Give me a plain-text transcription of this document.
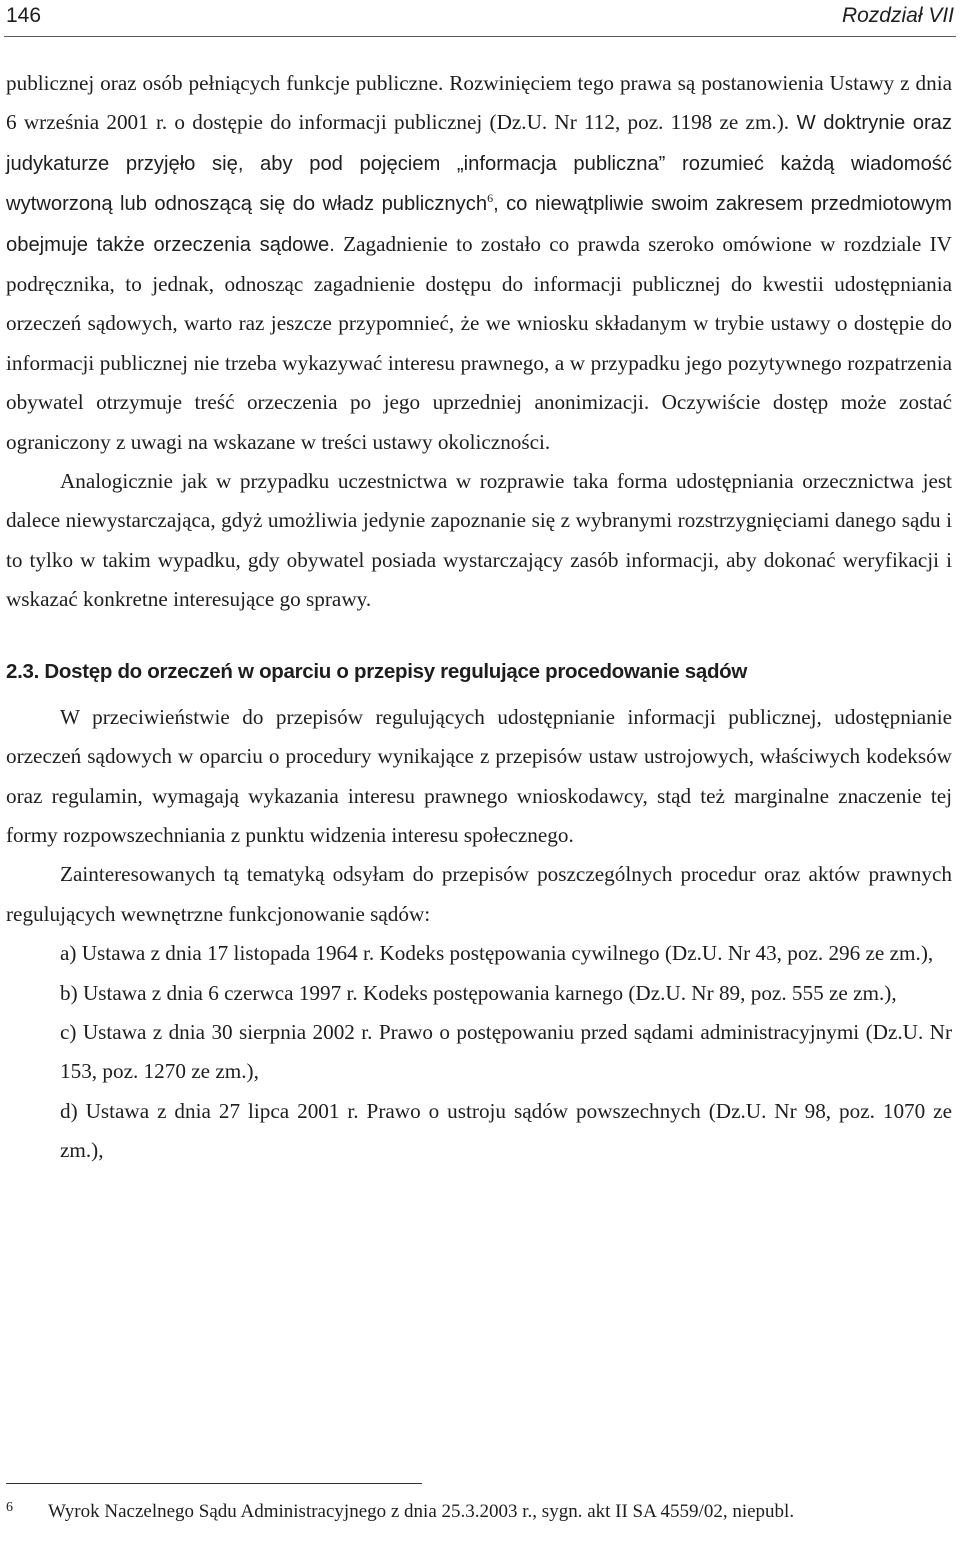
146	Rozdział VII

publicznej oraz osób pełniących funkcje publiczne. Rozwinięciem tego prawa są postanowienia Ustawy z dnia 6 września 2001 r. o dostępie do informacji publicznej (Dz.U. Nr 112, poz. 1198 ze zm.). W doktrynie oraz judykaturze przyjęło się, aby pod pojęciem „informacja publiczna” rozumieć każdą wiadomość wytworzoną lub odnoszącą się do władz publicznych$^6$, co niewątpliwie swoim zakresem przedmiotowym obejmuje także orzeczenia sądowe. Zagadnienie to zostało co prawda szeroko omówione w rozdziale IV podręcznika, to jednak, odnosząc zagadnienie dostępu do informacji publicznej do kwestii udostępniania orzeczeń sądowych, warto raz jeszcze przypomnieć, że we wniosku składanym w trybie ustawy o dostępie do informacji publicznej nie trzeba wykazywać interesu prawnego, a w przypadku jego pozytywnego rozpatrzenia obywatel otrzymuje treść orzeczenia po jego uprzedniej anonimizacji. Oczywiście dostęp może zostać ograniczony z uwagi na wskazane w treści ustawy okoliczności.

Analogicznie jak w przypadku uczestnictwa w rozprawie taka forma udostępniania orzecznictwa jest dalece niewystarczająca, gdyż umożliwia jedynie zapoznanie się z wybranymi rozstrzygnięciami danego sądu i to tylko w takim wypadku, gdy obywatel posiada wystarczający zasób informacji, aby dokonać weryfikacji i wskazać konkretne interesujące go sprawy.

2.3. Dostęp do orzeczeń w oparciu o przepisy regulujące procedowanie sądów

W przeciwieństwie do przepisów regulujących udostępnianie informacji publicznej, udostępnianie orzeczeń sądowych w oparciu o procedury wynikające z przepisów ustaw ustrojowych, właściwych kodeksów oraz regulamin, wymagają wykazania interesu prawnego wnioskodawcy, stąd też marginalne znaczenie tej formy rozpowszechniania z punktu widzenia interesu społecznego.

Zainteresowanych tą tematyką odsyłam do przepisów poszczególnych procedur oraz aktów prawnych regulujących wewnętrzne funkcjonowanie sądów:

a) Ustawa z dnia 17 listopada 1964 r. Kodeks postępowania cywilnego (Dz.U. Nr 43, poz. 296 ze zm.),

b) Ustawa z dnia 6 czerwca 1997 r. Kodeks postępowania karnego (Dz.U. Nr 89, poz. 555 ze zm.),

c) Ustawa z dnia 30 sierpnia 2002 r. Prawo o postępowaniu przed sądami administracyjnymi (Dz.U. Nr 153, poz. 1270 ze zm.),

d) Ustawa z dnia 27 lipca 2001 r. Prawo o ustroju sądów powszechnych (Dz.U. Nr 98, poz. 1070 ze zm.),

6 Wyrok Naczelnego Sądu Administracyjnego z dnia 25.3.2003 r., sygn. akt II SA 4559/02, niepubl.
